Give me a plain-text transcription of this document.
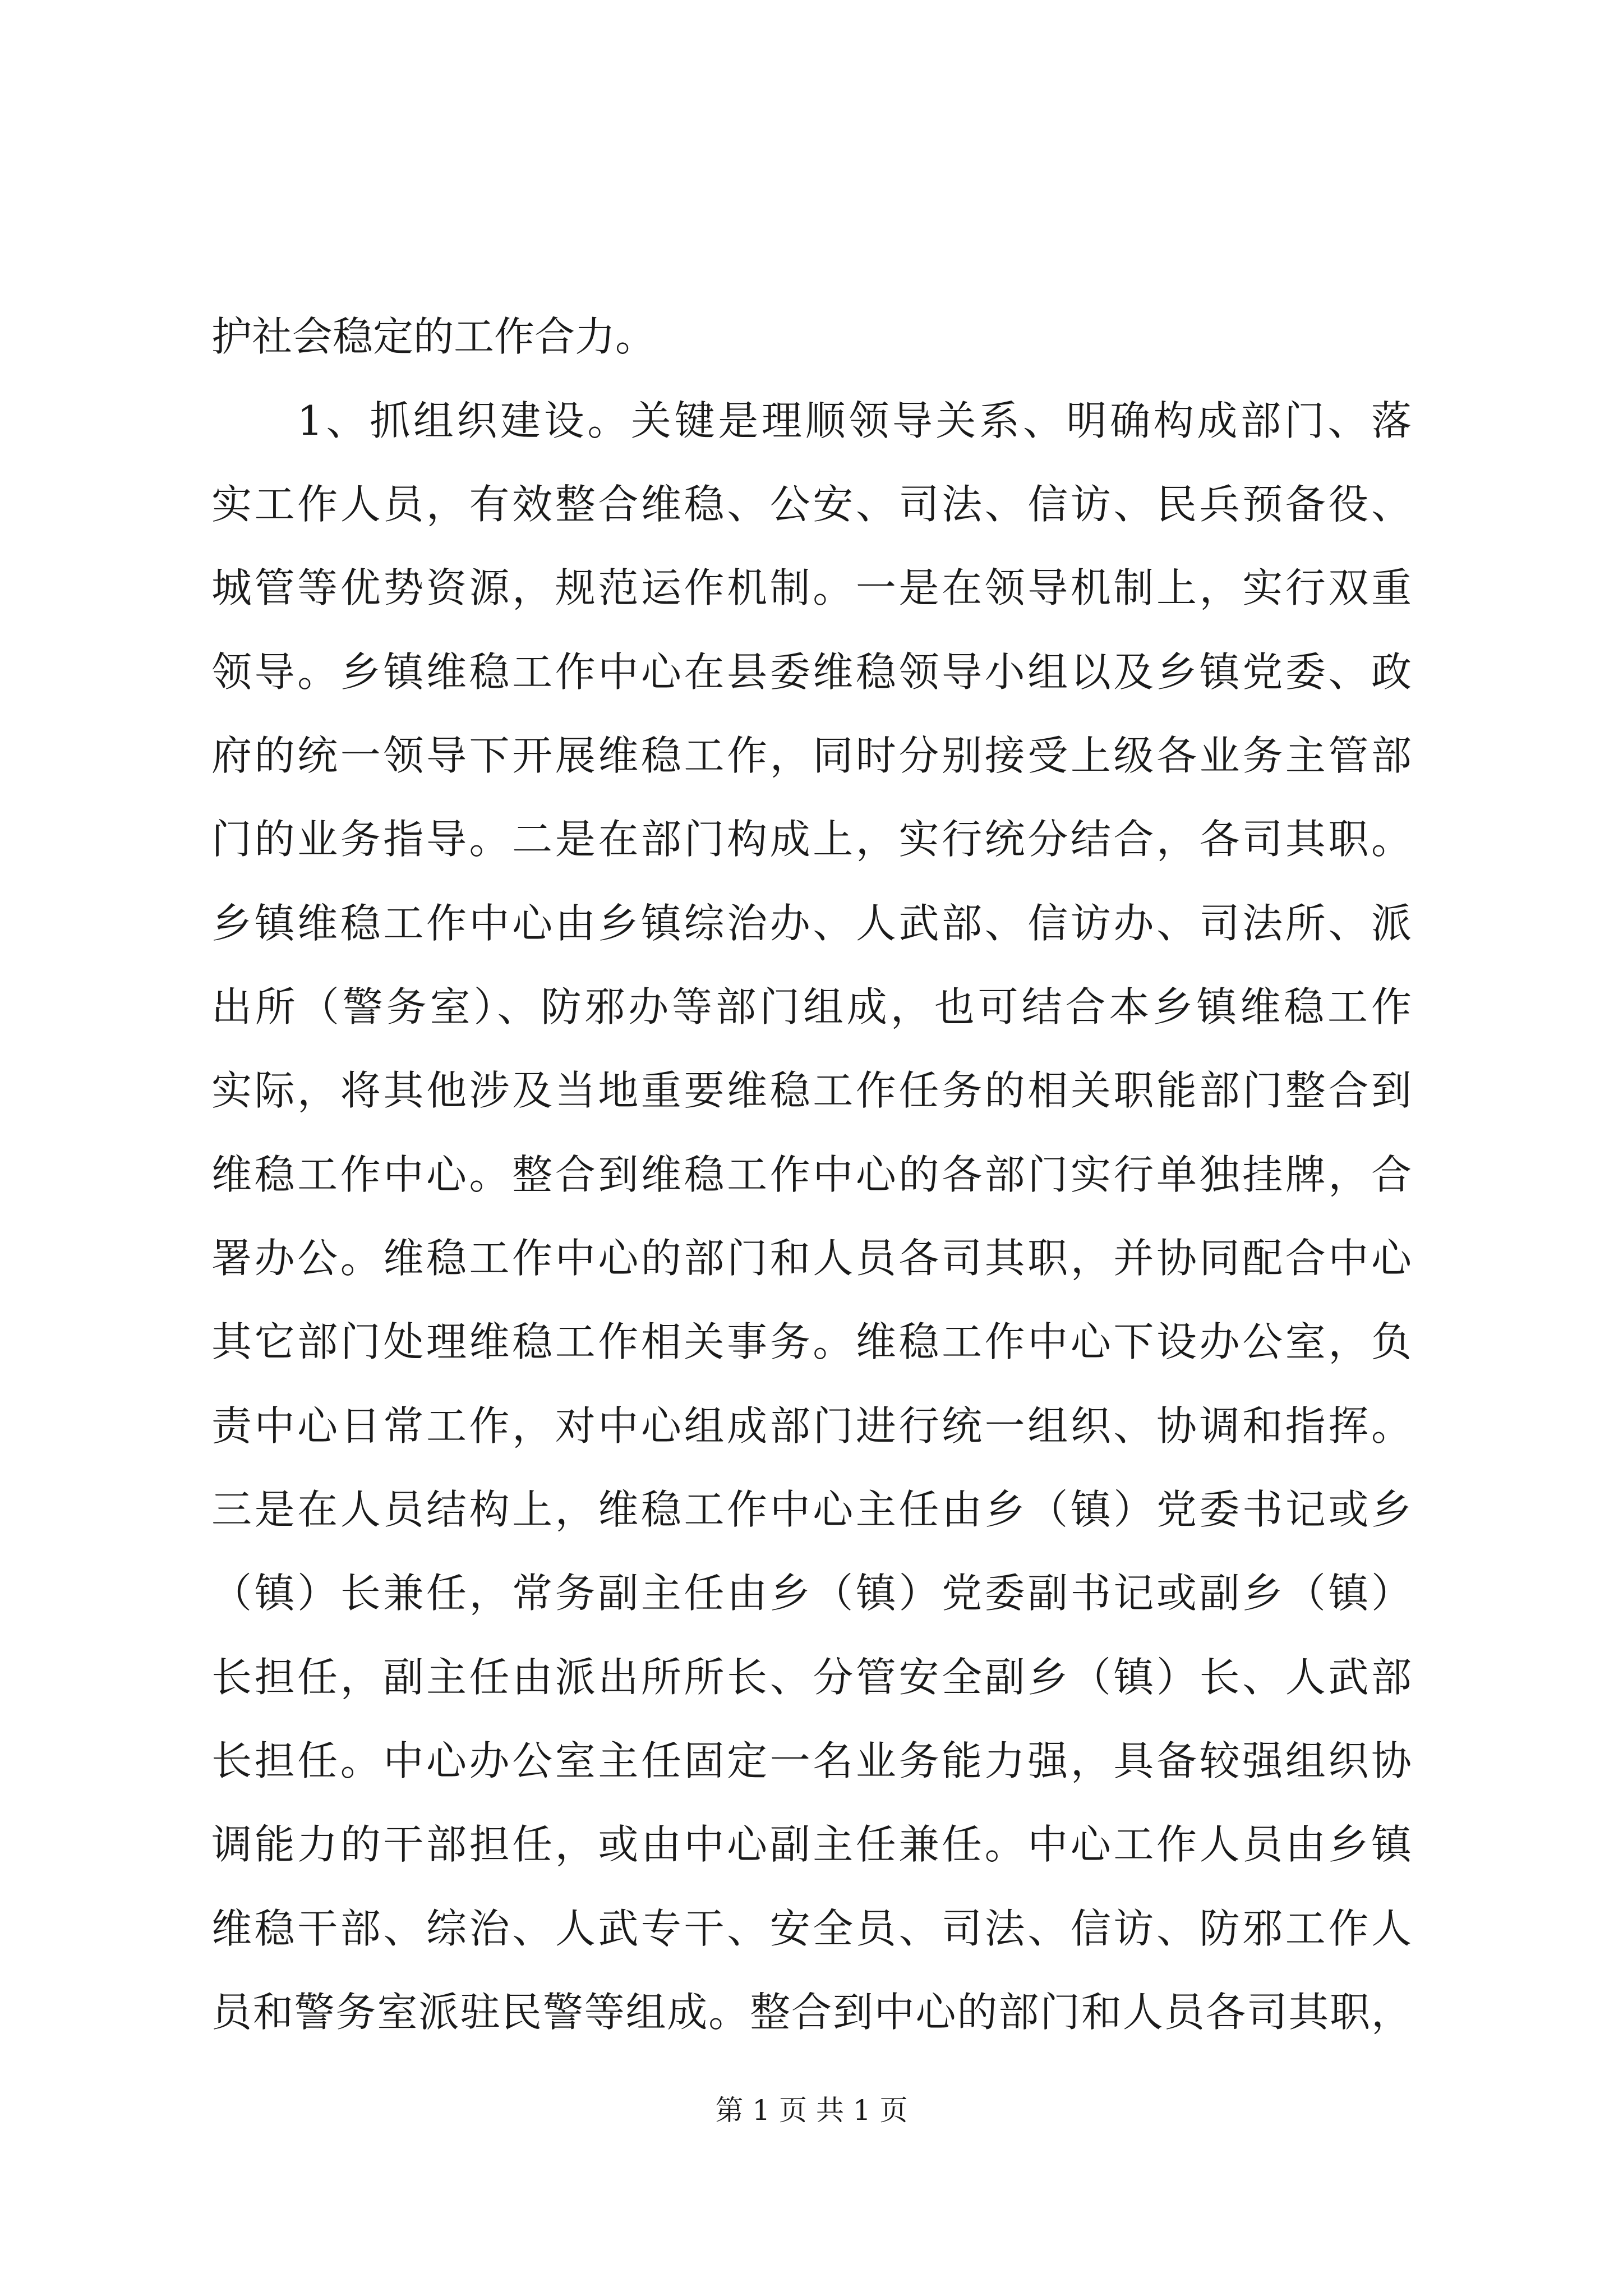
护社会稳定的工作合力。
1、抓组织建设。关键是理顺领导关系、明确构成部门、落
实工作人员，有效整合维稳、公安、司法、信访、民兵预备役、
城管等优势资源，规范运作机制。一是在领导机制上，实行双重
领导。乡镇维稳工作中心在县委维稳领导小组以及乡镇党委、政
府的统一领导下开展维稳工作，同时分别接受上级各业务主管部
门的业务指导。二是在部门构成上，实行统分结合，各司其职。
乡镇维稳工作中心由乡镇综治办、人武部、信访办、司法所、派
出所（警务室）、防邪办等部门组成，也可结合本乡镇维稳工作
实际，将其他涉及当地重要维稳工作任务的相关职能部门整合到
维稳工作中心。整合到维稳工作中心的各部门实行单独挂牌，合
署办公。维稳工作中心的部门和人员各司其职，并协同配合中心
其它部门处理维稳工作相关事务。维稳工作中心下设办公室，负
责中心日常工作，对中心组成部门进行统一组织、协调和指挥。
三是在人员结构上，维稳工作中心主任由乡（镇）党委书记或乡
（镇）长兼任，常务副主任由乡（镇）党委副书记或副乡（镇）
长担任，副主任由派出所所长、分管安全副乡（镇）长、人武部
长担任。中心办公室主任固定一名业务能力强，具备较强组织协
调能力的干部担任，或由中心副主任兼任。中心工作人员由乡镇
维稳干部、综治、人武专干、安全员、司法、信访、防邪工作人
员和警务室派驻民警等组成。整合到中心的部门和人员各司其职，
第 1 页 共 1 页
